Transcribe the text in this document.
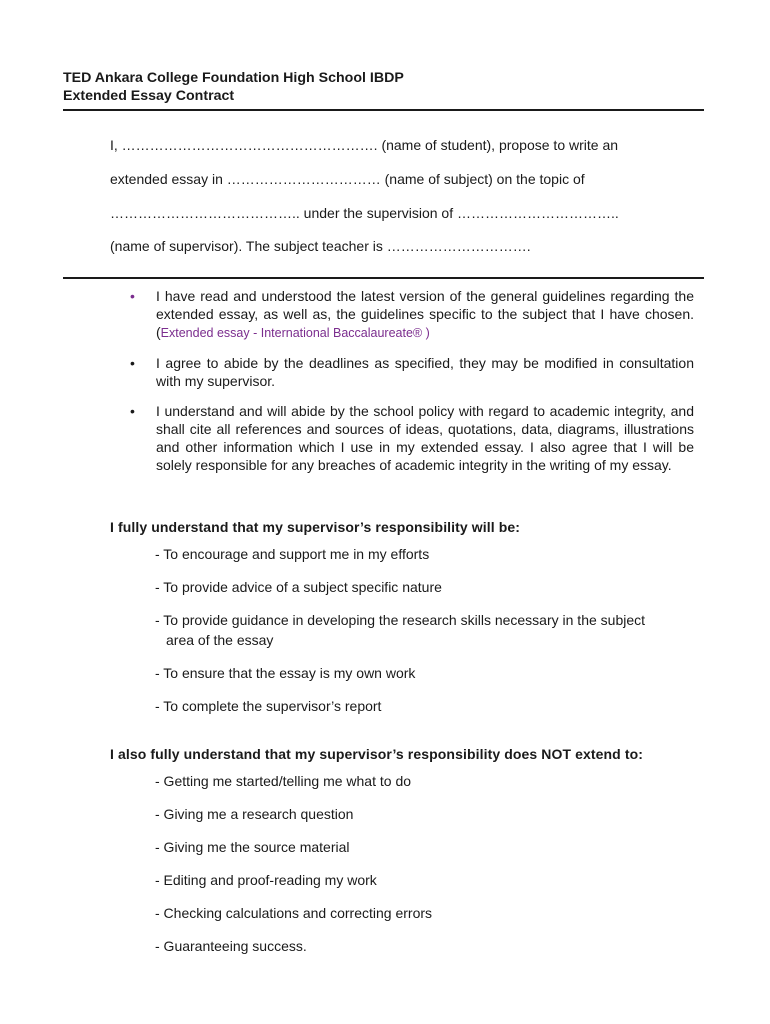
TED Ankara College Foundation High School IBDP
Extended Essay Contract
I, ………………………………………………. (name of student), propose to write an
extended essay in …………………………… (name of subject) on the topic of
………………………………….. under the supervision of ……………………………..
(name of supervisor). The subject teacher is ………………………….
• I have read and understood the latest version of the general guidelines regarding the extended essay, as well as, the guidelines specific to the subject that I have chosen. (Extended essay - International Baccalaureate® )
• I agree to abide by the deadlines as specified, they may be modified in consultation with my supervisor.
• I understand and will abide by the school policy with regard to academic integrity, and shall cite all references and sources of ideas, quotations, data, diagrams, illustrations and other information which I use in my extended essay. I also agree that I will be solely responsible for any breaches of academic integrity in the writing of my essay.
I fully understand that my supervisor’s responsibility will be:
- To encourage and support me in my efforts
- To provide advice of a subject specific nature
- To provide guidance in developing the research skills necessary in the subject
area of the essay
- To ensure that the essay is my own work
- To complete the supervisor’s report
I also fully understand that my supervisor’s responsibility does NOT extend to:
- Getting me started/telling me what to do
- Giving me a research question
- Giving me the source material
- Editing and proof-reading my work
- Checking calculations and correcting errors
- Guaranteeing success.
